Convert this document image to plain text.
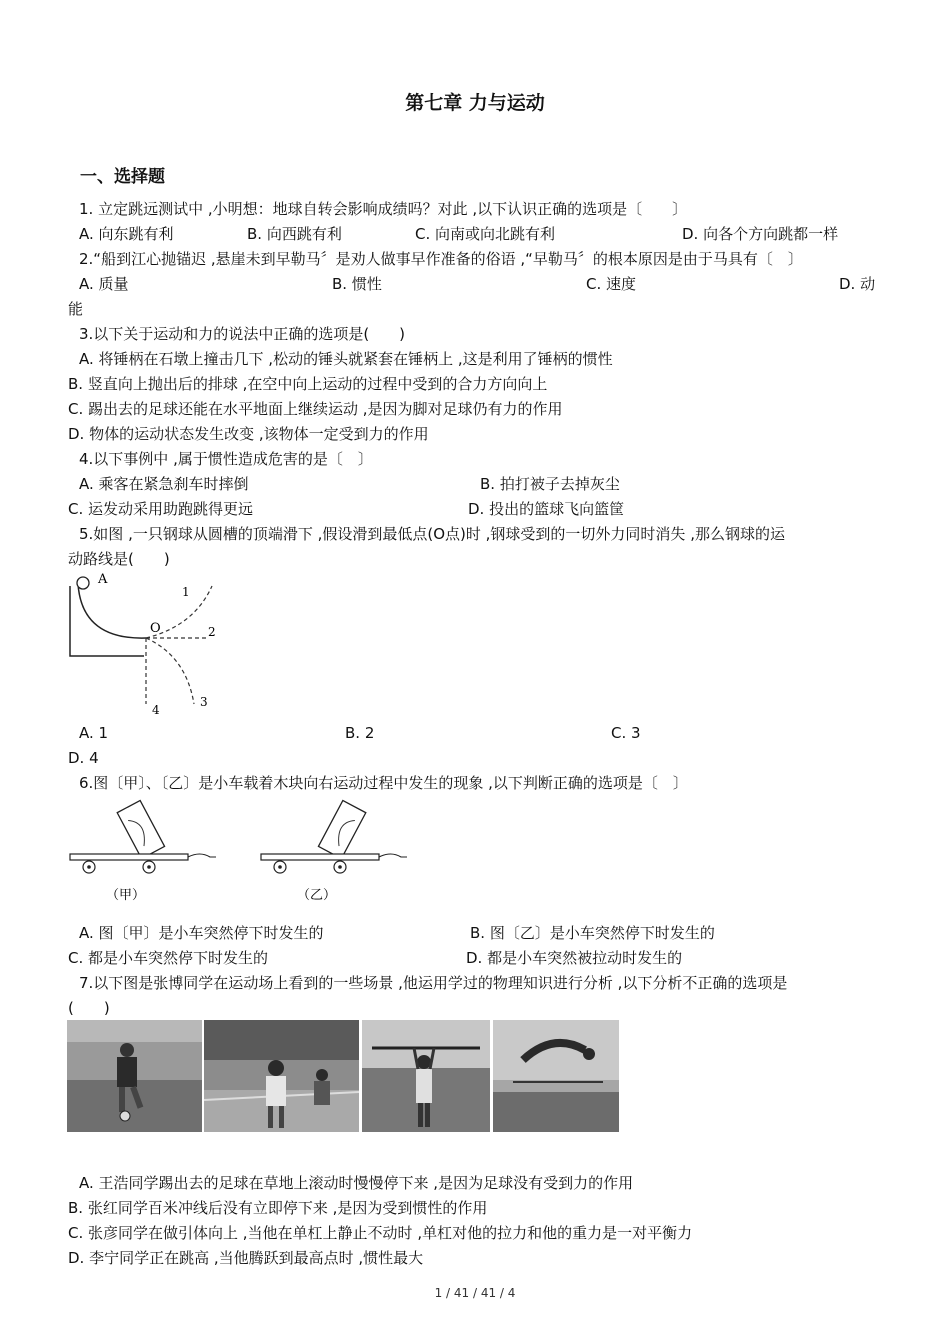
第七章 力与运动
一、选择题
1. 立定跳远测试中 ,小明想：地球自转会影响成绩吗？对此 ,以下认识正确的选项是〔　　〕
A. 向东跳有利	B. 向西跳有利	C. 向南或向北跳有利	D. 向各个方向跳都一样
2.“船到江心抛锚迟 ,悬崖未到早勒马〞是劝人做事早作准备的俗语 ,“早勒马〞的根本原因是由于马具有〔　〕
A. 质量	B. 惯性	C. 速度	D. 动
能
3.以下关于运动和力的说法中正确的选项是(　　)
A. 将锤柄在石墩上撞击几下 ,松动的锤头就紧套在锤柄上 ,这是利用了锤柄的惯性
B. 竖直向上抛出后的排球 ,在空中向上运动的过程中受到的合力方向向上
C. 踢出去的足球还能在水平地面上继续运动 ,是因为脚对足球仍有力的作用
D. 物体的运动状态发生改变 ,该物体一定受到力的作用
4.以下事例中 ,属于惯性造成危害的是〔　〕
A. 乘客在紧急刹车时摔倒	B. 拍打被子去掉灰尘
C. 运发动采用助跑跳得更远	D. 投出的篮球飞向篮筐
5.如图 ,一只钢球从圆槽的顶端滑下 ,假设滑到最低点(O点)时 ,钢球受到的一切外力同时消失 ,那么钢球的运
动路线是(　　)
A
O
1
2
3
4
A. 1	B. 2	C. 3
D. 4
6.图〔甲〕、〔乙〕是小车载着木块向右运动过程中发生的现象 ,以下判断正确的选项是〔　〕
（甲）	（乙）
A. 图〔甲〕是小车突然停下时发生的	B. 图〔乙〕是小车突然停下时发生的
C. 都是小车突然停下时发生的	D. 都是小车突然被拉动时发生的
7.以下图是张博同学在运动场上看到的一些场景 ,他运用学过的物理知识进行分析 ,以下分析不正确的选项是
(　　)
A. 王浩同学踢出去的足球在草地上滚动时慢慢停下来 ,是因为足球没有受到力的作用
B. 张红同学百米冲线后没有立即停下来 ,是因为受到惯性的作用
C. 张彦同学在做引体向上 ,当他在单杠上静止不动时 ,单杠对他的拉力和他的重力是一对平衡力
D. 李宁同学正在跳高 ,当他腾跃到最高点时 ,惯性最大
1 / 41 / 41 / 4
